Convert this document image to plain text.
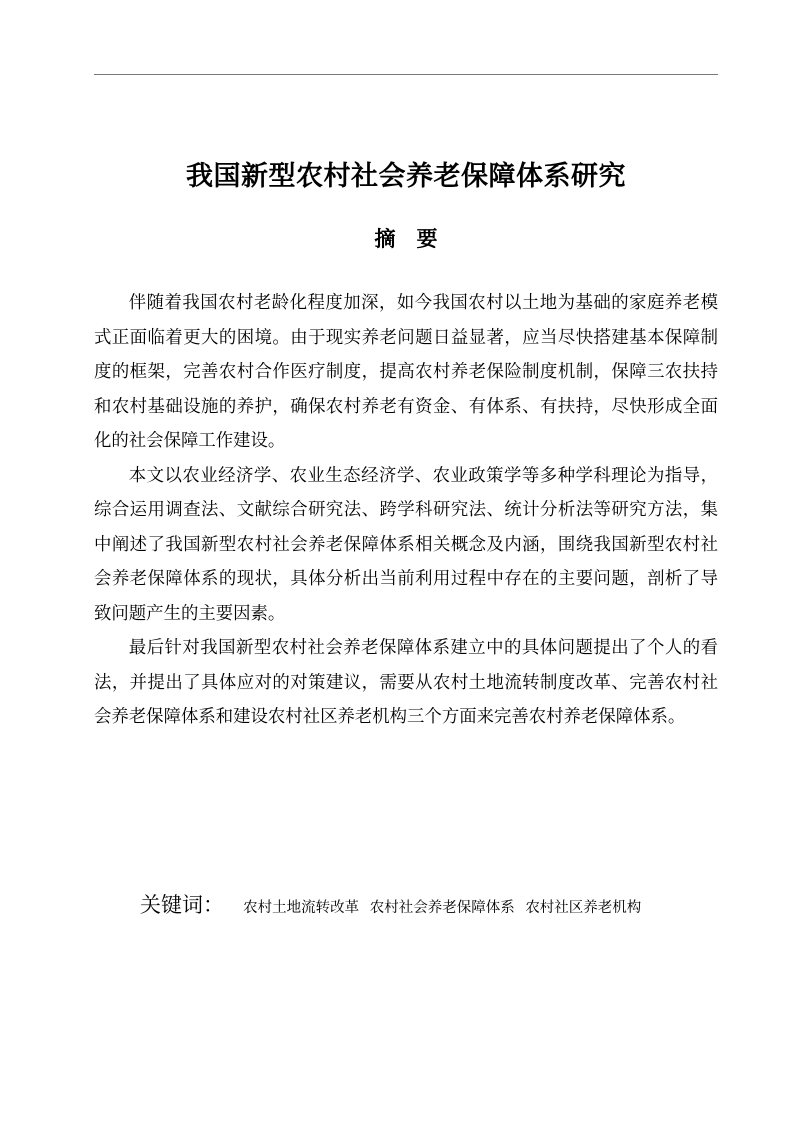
我国新型农村社会养老保障体系研究
摘要

伴随着我国农村老龄化程度加深，如今我国农村以土地为基础的家庭养老模式正面临着更大的困境。由于现实养老问题日益显著，应当尽快搭建基本保障制度的框架，完善农村合作医疗制度，提高农村养老保险制度机制，保障三农扶持和农村基础设施的养护，确保农村养老有资金、有体系、有扶持，尽快形成全面化的社会保障工作建设。

本文以农业经济学、农业生态经济学、农业政策学等多种学科理论为指导，综合运用调查法、文献综合研究法、跨学科研究法、统计分析法等研究方法，集中阐述了我国新型农村社会养老保障体系相关概念及内涵，围绕我国新型农村社会养老保障体系的现状，具体分析出当前利用过程中存在的主要问题，剖析了导致问题产生的主要因素。

最后针对我国新型农村社会养老保障体系建立中的具体问题提出了个人的看法，并提出了具体应对的对策建议，需要从农村土地流转制度改革、完善农村社会养老保障体系和建设农村社区养老机构三个方面来完善农村养老保障体系。

关键词： 农村土地流转改革 农村社会养老保障体系 农村社区养老机构
